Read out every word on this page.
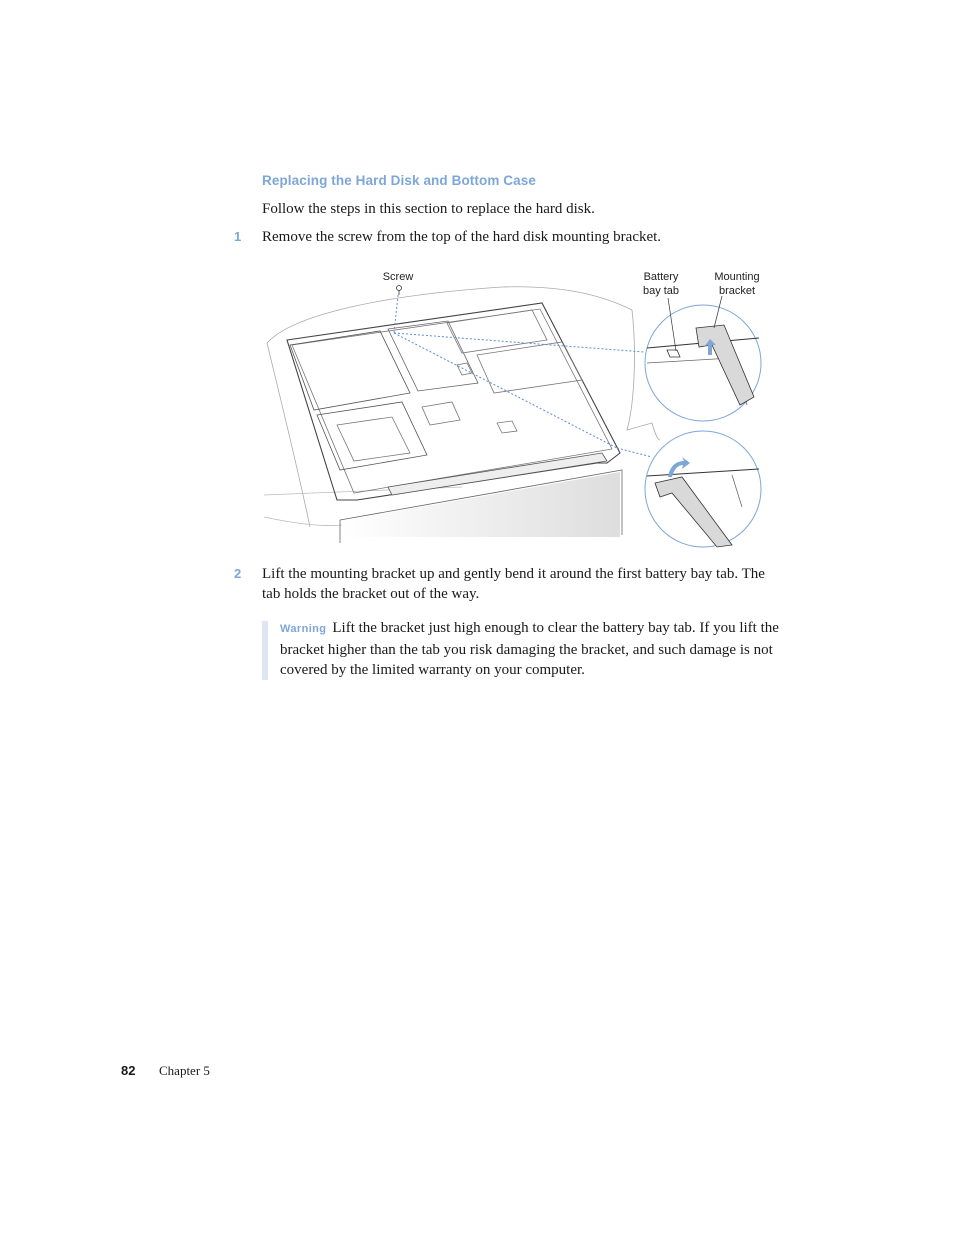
Replacing the Hard Disk and Bottom Case

Follow the steps in this section to replace the hard disk.

1 Remove the screw from the top of the hard disk mounting bracket.

Screw	Battery
bay tab
Mounting
bracket

2 Lift the mounting bracket up and gently bend it around the first battery bay tab. The tab holds the bracket out of the way.

Warning Lift the bracket just high enough to clear the battery bay tab. If you lift the bracket higher than the tab you risk damaging the bracket, and such damage is not covered by the limited warranty on your computer.

82 Chapter 5
